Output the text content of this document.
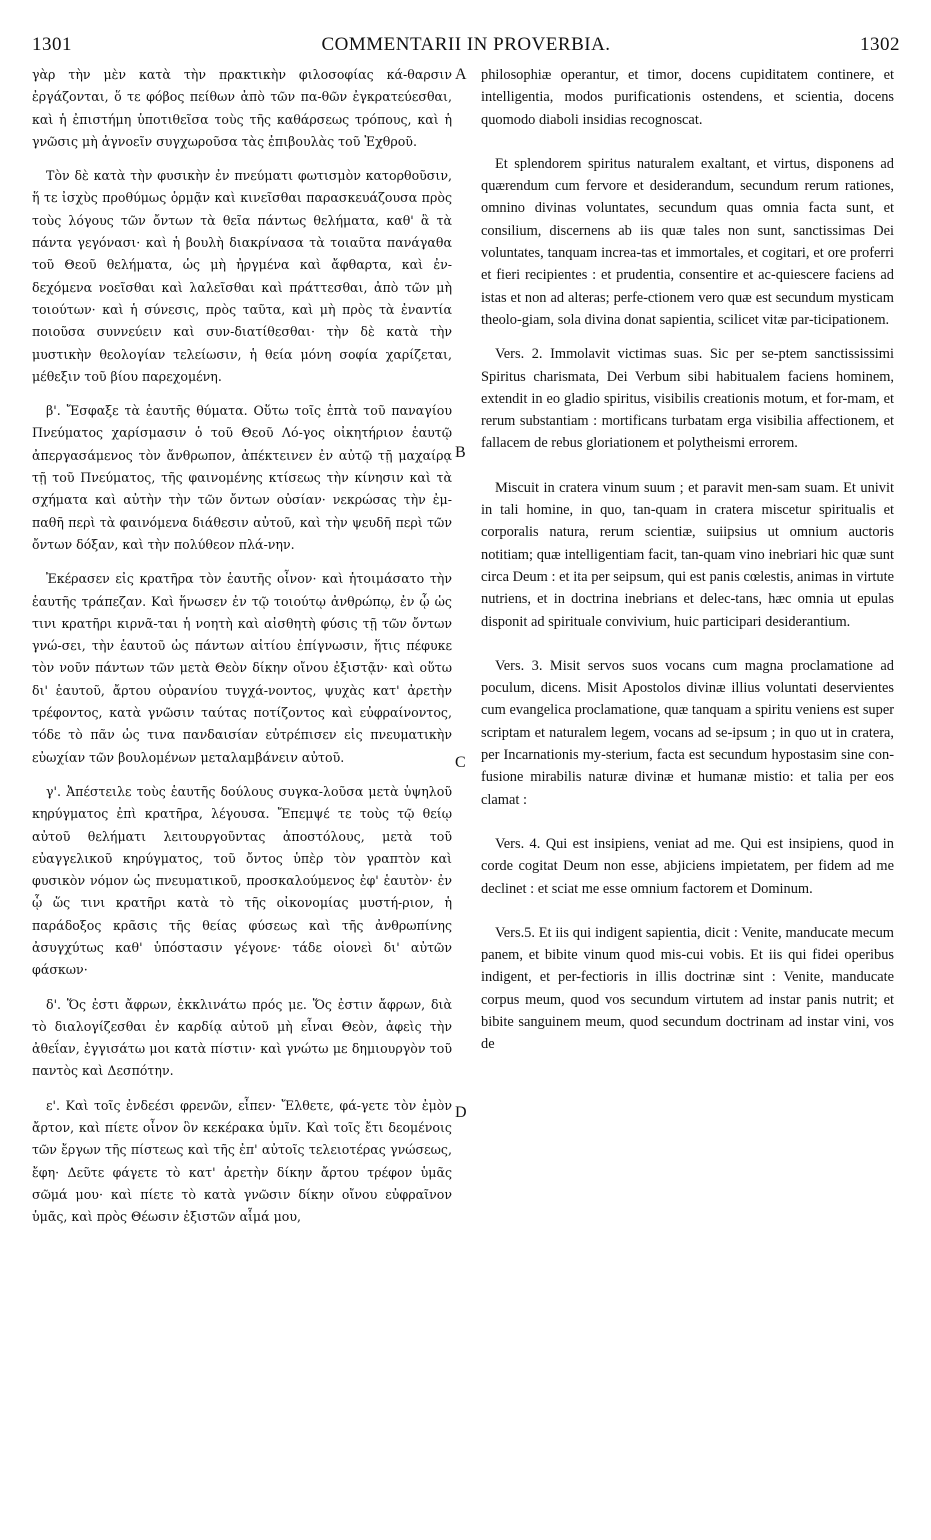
1301	COMMENTARII IN PROVERBIA.	1302

γὰρ τὴν μὲν κατὰ τὴν πρακτικὴν φιλοσοφίας κά-θαρσιν ἐργάζονται, ὅ τε φόβος πείθων ἀπὸ τῶν πα-θῶν ἐγκρατεύεσθαι, καὶ ἡ ἐπιστήμη ὑποτιθεῖσα τοὺς τῆς καθάρσεως τρόπους, καὶ ἡ γνῶσις μὴ ἀγνοεῖν συγχωροῦσα τὰς ἐπιβουλὰς τοῦ Ἐχθροῦ.

Τὸν δὲ κατὰ τὴν φυσικὴν ἐν πνεύματι φωτισμὸν κατορθοῦσιν, ἥ τε ἰσχὺς προθύμως ὁρμᾷν καὶ κινεῖσθαι παρασκευάζουσα πρὸς τοὺς λόγους τῶν ὄντων τὰ θεῖα πάντως θελήματα, καθ' ἃ τὰ πάντα γεγόνασι· καὶ ἡ βουλὴ διακρίνασα τὰ τοιαῦτα πανάγαθα τοῦ Θεοῦ θελήματα, ὡς μὴ ἠργμένα καὶ ἄφθαρτα, καὶ ἐν-δεχόμενα νοεῖσθαι καὶ λαλεῖσθαι καὶ πράττεσθαι, ἀπὸ τῶν μὴ τοιούτων· καὶ ἡ σύνεσις, πρὸς ταῦτα, καὶ μὴ πρὸς τὰ ἐναντία ποιοῦσα συννεύειν καὶ συν-διατίθεσθαι· τὴν δὲ κατὰ τὴν μυστικὴν θεολογίαν τελείωσιν, ἡ θεία μόνη σοφία χαρίζεται, μέθεξιν τοῦ βίου παρεχομένη.

β'. Ἔσφαξε τὰ ἑαυτῆς θύματα. Οὕτω τοῖς ἑπτὰ τοῦ παναγίου Πνεύματος χαρίσμασιν ὁ τοῦ Θεοῦ Λό-γος οἰκητήριον ἑαυτῷ ἀπεργασάμενος τὸν ἄνθρωπον, ἀπέκτεινεν ἐν αὐτῷ τῇ μαχαίρᾳ τῇ τοῦ Πνεύματος, τῆς φαινομένης κτίσεως τὴν κίνησιν καὶ τὰ σχήματα καὶ αὐτὴν τὴν τῶν ὄντων οὐσίαν· νεκρώσας τὴν ἐμ-παθῆ περὶ τὰ φαινόμενα διάθεσιν αὐτοῦ, καὶ τὴν ψευδῆ περὶ τῶν ὄντων δόξαν, καὶ τὴν πολύθεον πλά-νην.

Ἐκέρασεν εἰς κρατῆρα τὸν ἑαυτῆς οἶνον· καὶ ἡτοιμάσατο τὴν ἑαυτῆς τράπεζαν. Καὶ ἥνωσεν ἐν τῷ τοιούτῳ ἀνθρώπῳ, ἐν ᾧ ὡς τινι κρατῆρι κιρνᾶ-ται ἡ νοητὴ καὶ αἰσθητὴ φύσις τῇ τῶν ὄντων γνώ-σει, τὴν ἑαυτοῦ ὡς πάντων αἰτίου ἐπίγνωσιν, ἥτις πέφυκε τὸν νοῦν πάντων τῶν μετὰ Θεὸν δίκην οἴνου ἐξιστᾷν· καὶ οὕτω δι' ἑαυτοῦ, ἄρτου οὐρανίου τυγχά-νοντος, ψυχὰς κατ' ἀρετὴν τρέφοντος, κατὰ γνῶσιν ταύτας ποτίζοντος καὶ εὐφραίνοντος, τόδε τὸ πᾶν ὡς τινα πανδαισίαν εὐτρέπισεν εἰς πνευματικὴν εὐωχίαν τῶν βουλομένων μεταλαμβάνειν αὐτοῦ.

γ'. Ἀπέστειλε τοὺς ἑαυτῆς δούλους συγκα-λοῦσα μετὰ ὑψηλοῦ κηρύγματος ἐπὶ κρατῆρα, λέγουσα. Ἔπεμψέ τε τοὺς τῷ θείῳ αὐτοῦ θελήματι λειτουργοῦντας ἀποστόλους, μετὰ τοῦ εὐαγγελικοῦ κηρύγματος, τοῦ ὄντος ὑπὲρ τὸν γραπτὸν καὶ φυσικὸν νόμον ὡς πνευματικοῦ, προσκαλούμενος ἐφ' ἑαυτὸν· ἐν ᾧ ὥς τινι κρατῆρι κατὰ τὸ τῆς οἰκονομίας μυστή-ριον, ἡ παράδοξος κρᾶσις τῆς θείας φύσεως καὶ τῆς ἀνθρωπίνης ἀσυγχύτως καθ' ὑπόστασιν γέγονε· τάδε οἱονεὶ δι' αὐτῶν φάσκων·

δ'. Ὅς ἐστι ἄφρων, ἐκκλινάτω πρός με. Ὅς ἐστιν ἄφρων, διὰ τὸ διαλογίζεσθαι ἐν καρδίᾳ αὐτοῦ μὴ εἶναι Θεὸν, ἀφεὶς τὴν ἀθεΐαν, ἐγγισάτω μοι κατὰ πίστιν· καὶ γνώτω με δημιουργὸν τοῦ παντὸς καὶ Δεσπότην.

ε'. Καὶ τοῖς ἐνδεέσι φρενῶν, εἶπεν· Ἔλθετε, φά-γετε τὸν ἐμὸν ἄρτον, καὶ πίετε οἶνον ὃν κεκέρακα ὑμῖν. Καὶ τοῖς ἔτι δεομένοις τῶν ἔργων τῆς πίστεως καὶ τῆς ἐπ' αὐτοῖς τελειοτέρας γνώσεως, ἔφη· Δεῦτε φάγετε τὸ κατ' ἀρετὴν δίκην ἄρτου τρέφον ὑμᾶς σῶμά μου· καὶ πίετε τὸ κατὰ γνῶσιν δίκην οἴνου εὐφραῖνον ὑμᾶς, καὶ πρὸς Θέωσιν ἐξιστῶν αἷμά μου,

A
B
C
D

philosophiæ operantur, et timor, docens cupiditatem continere, et intelligentia, modos purificationis ostendens, et scientia, docens quomodo diaboli insidias recognoscat.

Et splendorem spiritus naturalem exaltant, et virtus, disponens ad quærendum cum fervore et desiderandum, secundum rerum rationes, omnino divinas voluntates, secundum quas omnia facta sunt, et consilium, discernens ab iis quæ tales non sunt, sanctissimas Dei voluntates, tanquam increa-tas et immortales, et cogitari, et ore proferri et fieri recipientes : et prudentia, consentire et ac-quiescere faciens ad istas et non ad alteras; perfe-ctionem vero quæ est secundum mysticam theolo-giam, sola divina donat sapientia, scilicet vitæ par-ticipationem.

Vers. 2. Immolavit victimas suas. Sic per se-ptem sanctississimi Spiritus charismata, Dei Verbum sibi habitualem faciens hominem, extendit in eo gladio spiritus, visibilis creationis motum, et for-mam, et rerum substantiam : mortificans turbatam erga visibilia affectionem, et fallacem de rebus gloriationem et polytheismi errorem.

Miscuit in cratera vinum suum ; et paravit men-sam suam. Et univit in tali homine, in quo, tan-quam in cratera miscetur spiritualis et corporalis natura, rerum scientiæ, suiipsius ut omnium auctoris notitiam; quæ intelligentiam facit, tan-quam vino inebriari hic quæ sunt circa Deum : et ita per seipsum, qui est panis cœlestis, animas in virtute nutriens, et in doctrina inebrians et delec-tans, hæc omnia ut epulas disponit ad spirituale convivium, huic participari desiderantium.

Vers. 3. Misit servos suos vocans cum magna proclamatione ad poculum, dicens. Misit Apostolos divinæ illius voluntati deservientes cum evangelica proclamatione, quæ tanquam a spiritu veniens est super scriptam et naturalem legem, vocans ad se-ipsum ; in quo ut in cratera, per Incarnationis my-sterium, facta est secundum hypostasim sine con-fusione mirabilis naturæ divinæ et humanæ mistio: et talia per eos clamat :

Vers. 4. Qui est insipiens, veniat ad me. Qui est insipiens, quod in corde cogitat Deum non esse, abjiciens impietatem, per fidem ad me declinet : et sciat me esse omnium factorem et Dominum.

Vers.5. Et iis qui indigent sapientia, dicit : Venite, manducate mecum panem, et bibite vinum quod mis-cui vobis. Et iis qui fidei operibus indigent, et per-fectioris in illis doctrinæ sint : Venite, manducate corpus meum, quod vos secundum virtutem ad instar panis nutrit; et bibite sanguinem meum, quod secundum doctrinam ad instar vini, vos de
